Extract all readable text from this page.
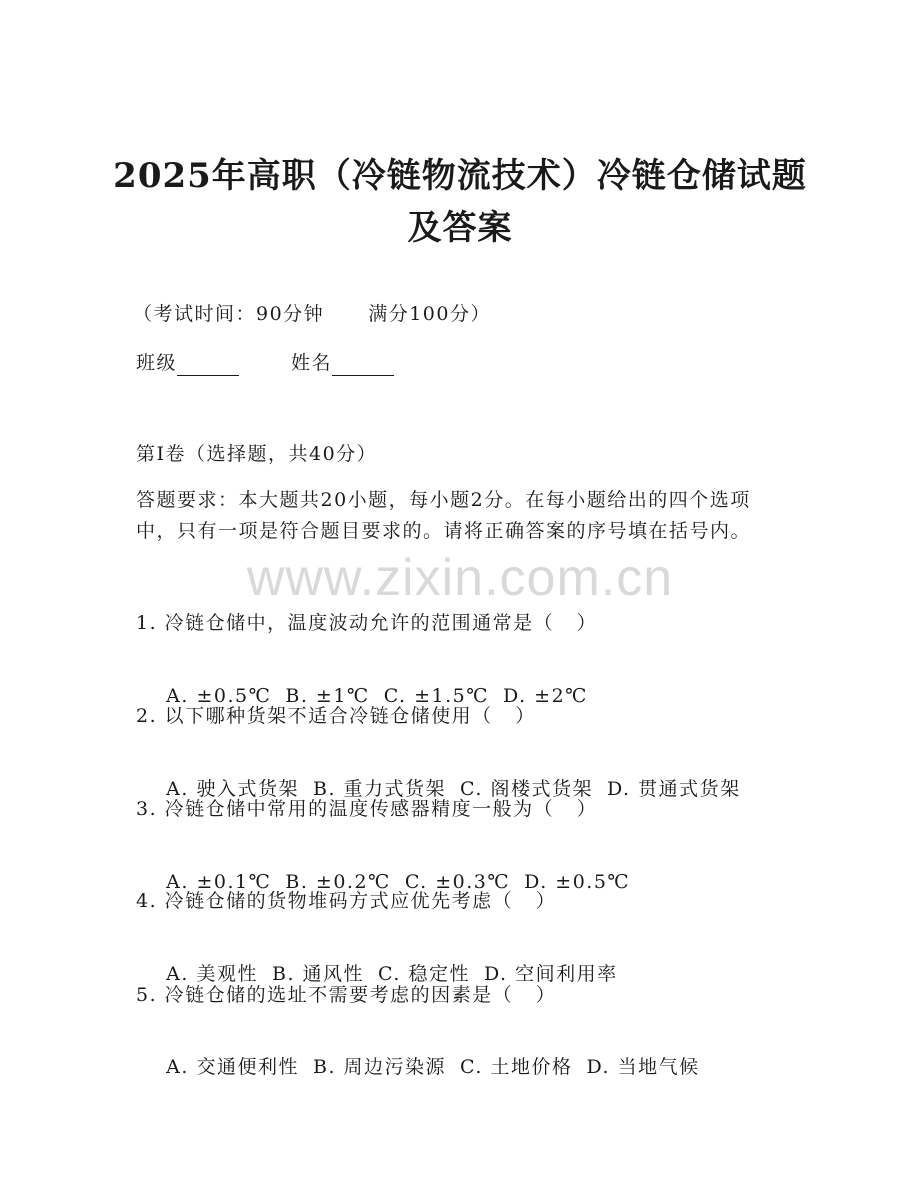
2025年高职（冷链物流技术）冷链仓储试题
及答案
（考试时间：90分钟 满分100分）
班级	姓名
第Ⅰ卷（选择题，共40分）
答题要求：本大题共20小题，每小题2分。在每小题给出的四个选项
中，只有一项是符合题目要求的。请将正确答案的序号填在括号内。
www.zixin.com.cn
1. 冷链仓储中，温度波动允许的范围通常是（   ）

A. ±0.5℃ B. ±1℃ C. ±1.5℃ D. ±2℃

2. 以下哪种货架不适合冷链仓储使用（   ）

A. 驶入式货架 B. 重力式货架 C. 阁楼式货架 D. 贯通式货架

3. 冷链仓储中常用的温度传感器精度一般为（   ）

A. ±0.1℃ B. ±0.2℃ C. ±0.3℃ D. ±0.5℃

4. 冷链仓储的货物堆码方式应优先考虑（   ）

A. 美观性 B. 通风性 C. 稳定性 D. 空间利用率

5. 冷链仓储的选址不需要考虑的因素是（   ）

A. 交通便利性 B. 周边污染源 C. 土地价格 D. 当地气候
